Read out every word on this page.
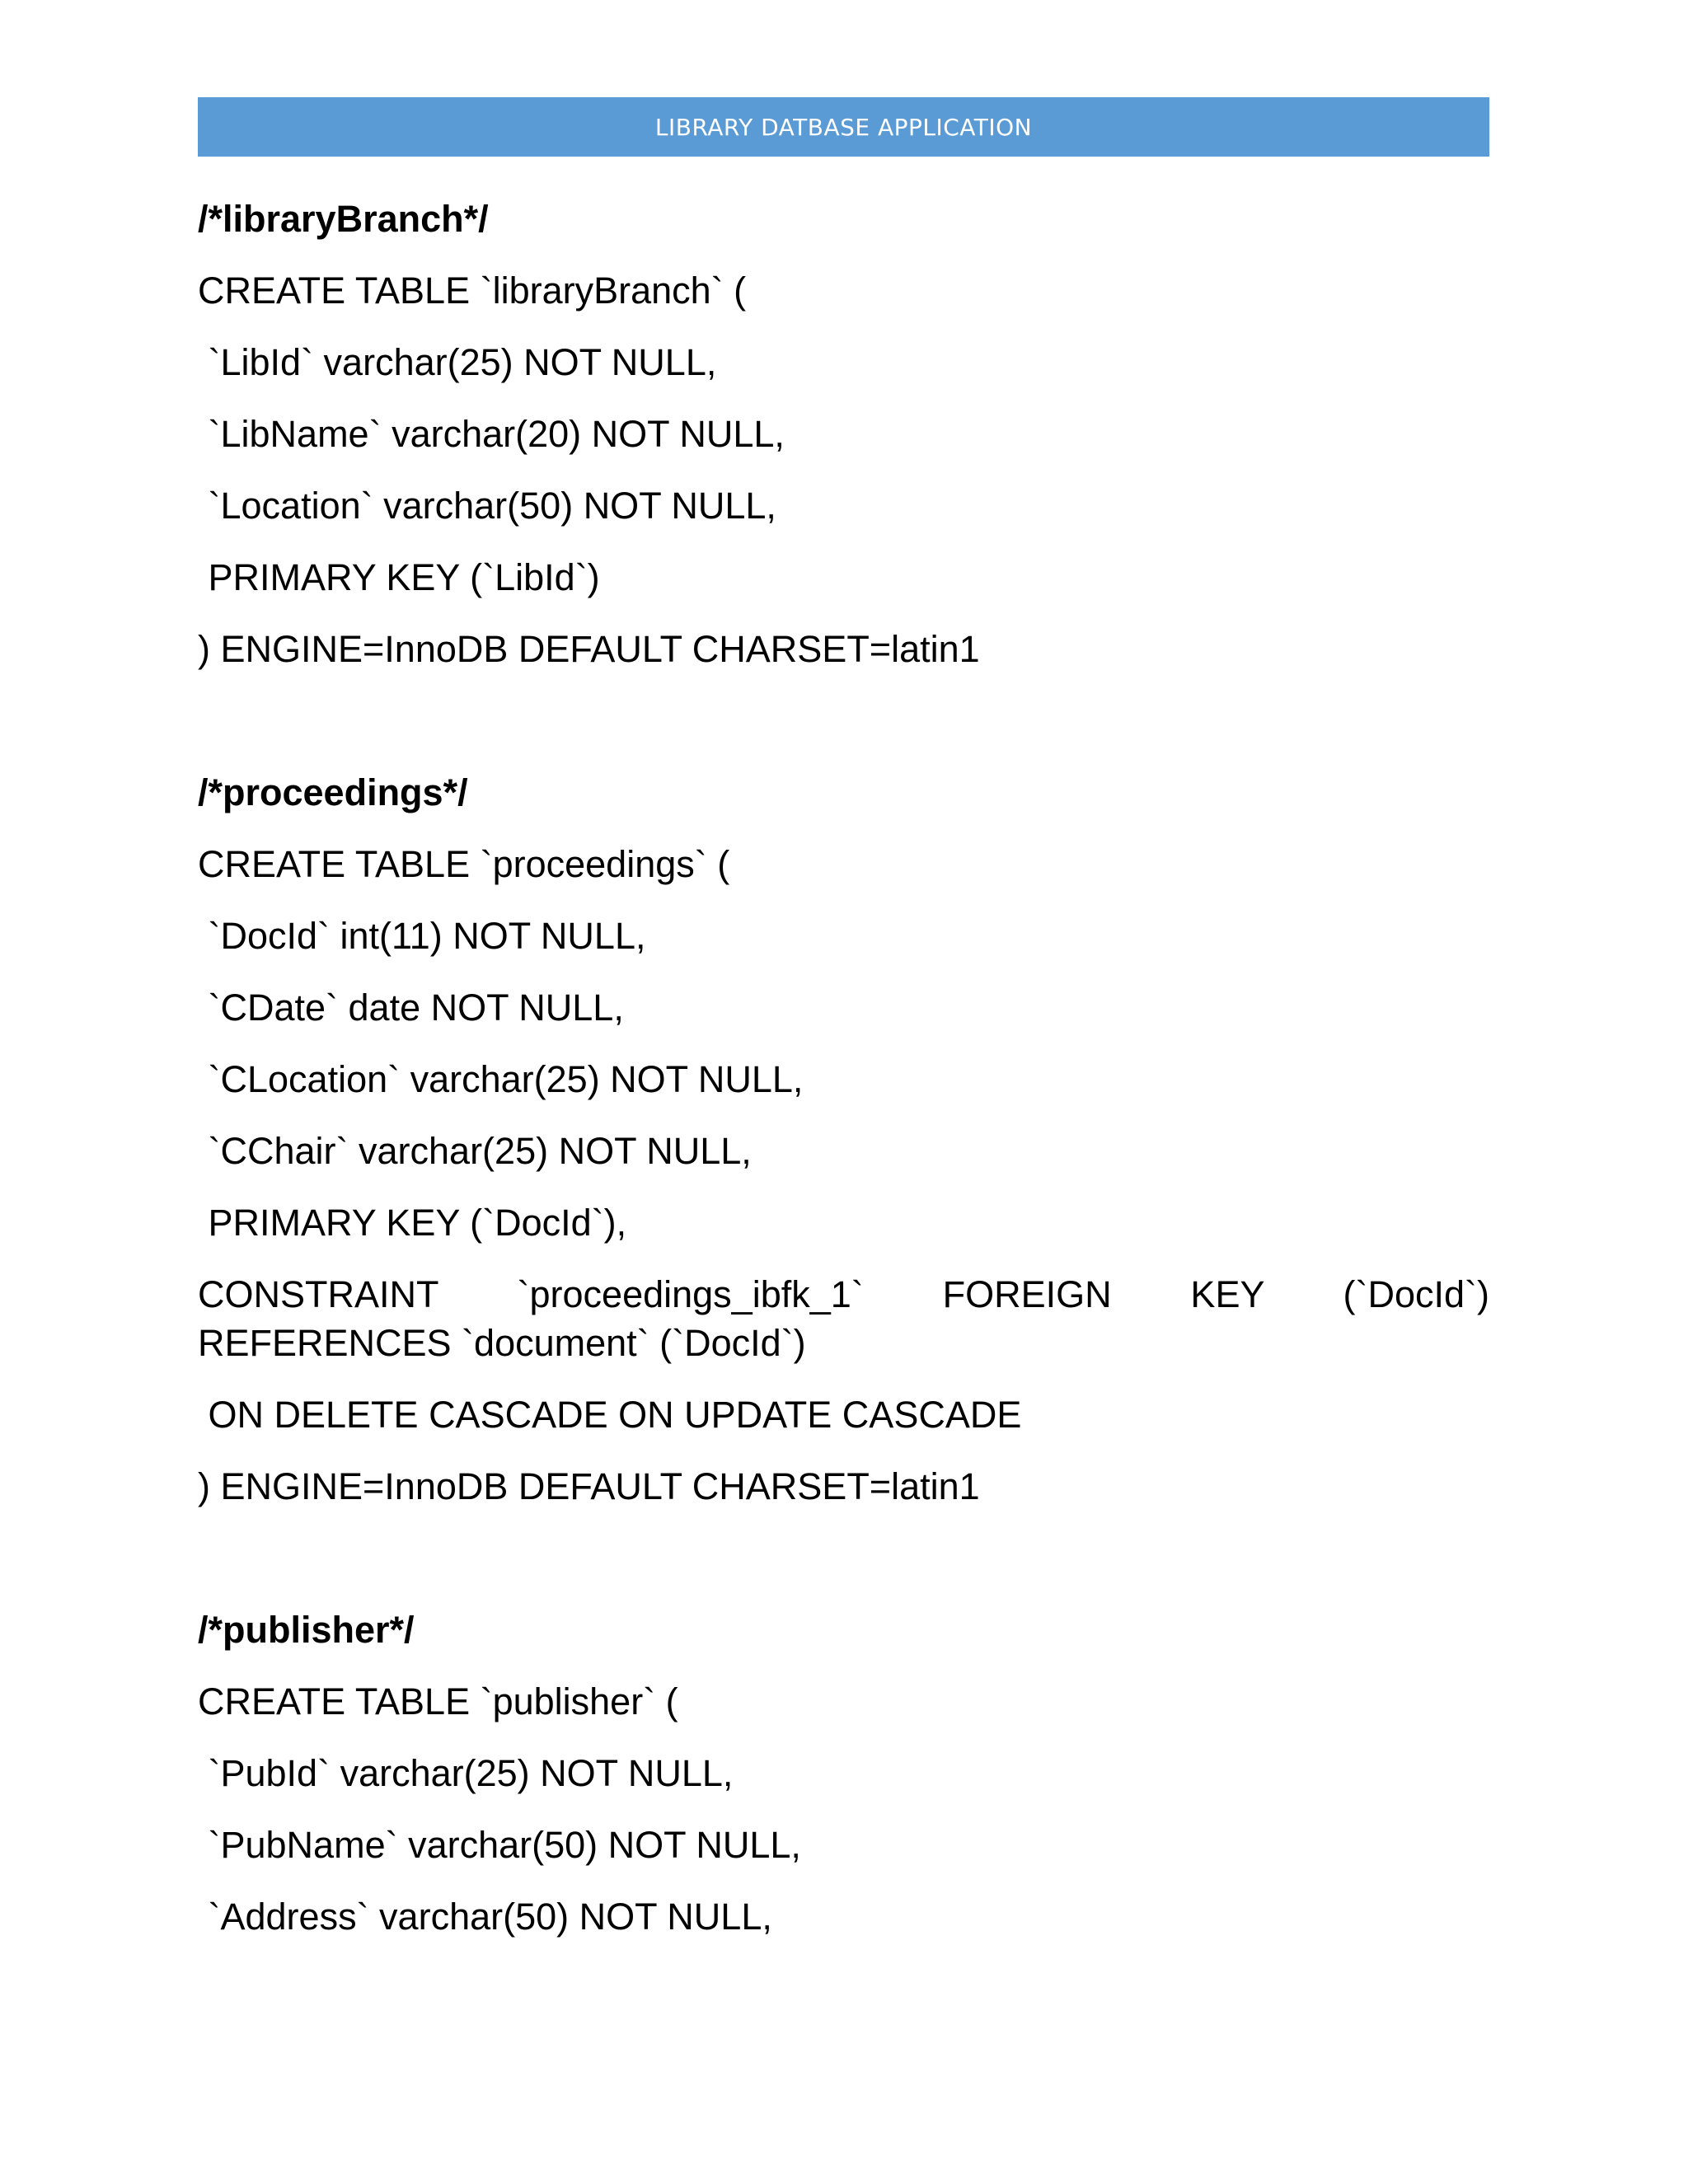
LIBRARY DATBASE APPLICATION
/*libraryBranch*/
CREATE TABLE `libraryBranch` (
`LibId` varchar(25) NOT NULL,
`LibName` varchar(20) NOT NULL,
`Location` varchar(50) NOT NULL,
PRIMARY KEY (`LibId`)
) ENGINE=InnoDB DEFAULT CHARSET=latin1
/*proceedings*/
CREATE TABLE `proceedings` (
`DocId` int(11) NOT NULL,
`CDate` date NOT NULL,
`CLocation` varchar(25) NOT NULL,
`CChair` varchar(25) NOT NULL,
PRIMARY KEY (`DocId`),
CONSTRAINT `proceedings_ibfk_1` FOREIGN KEY (`DocId`)
REFERENCES `document` (`DocId`)
ON DELETE CASCADE ON UPDATE CASCADE
) ENGINE=InnoDB DEFAULT CHARSET=latin1
/*publisher*/
CREATE TABLE `publisher` (
`PubId` varchar(25) NOT NULL,
`PubName` varchar(50) NOT NULL,
`Address` varchar(50) NOT NULL,
